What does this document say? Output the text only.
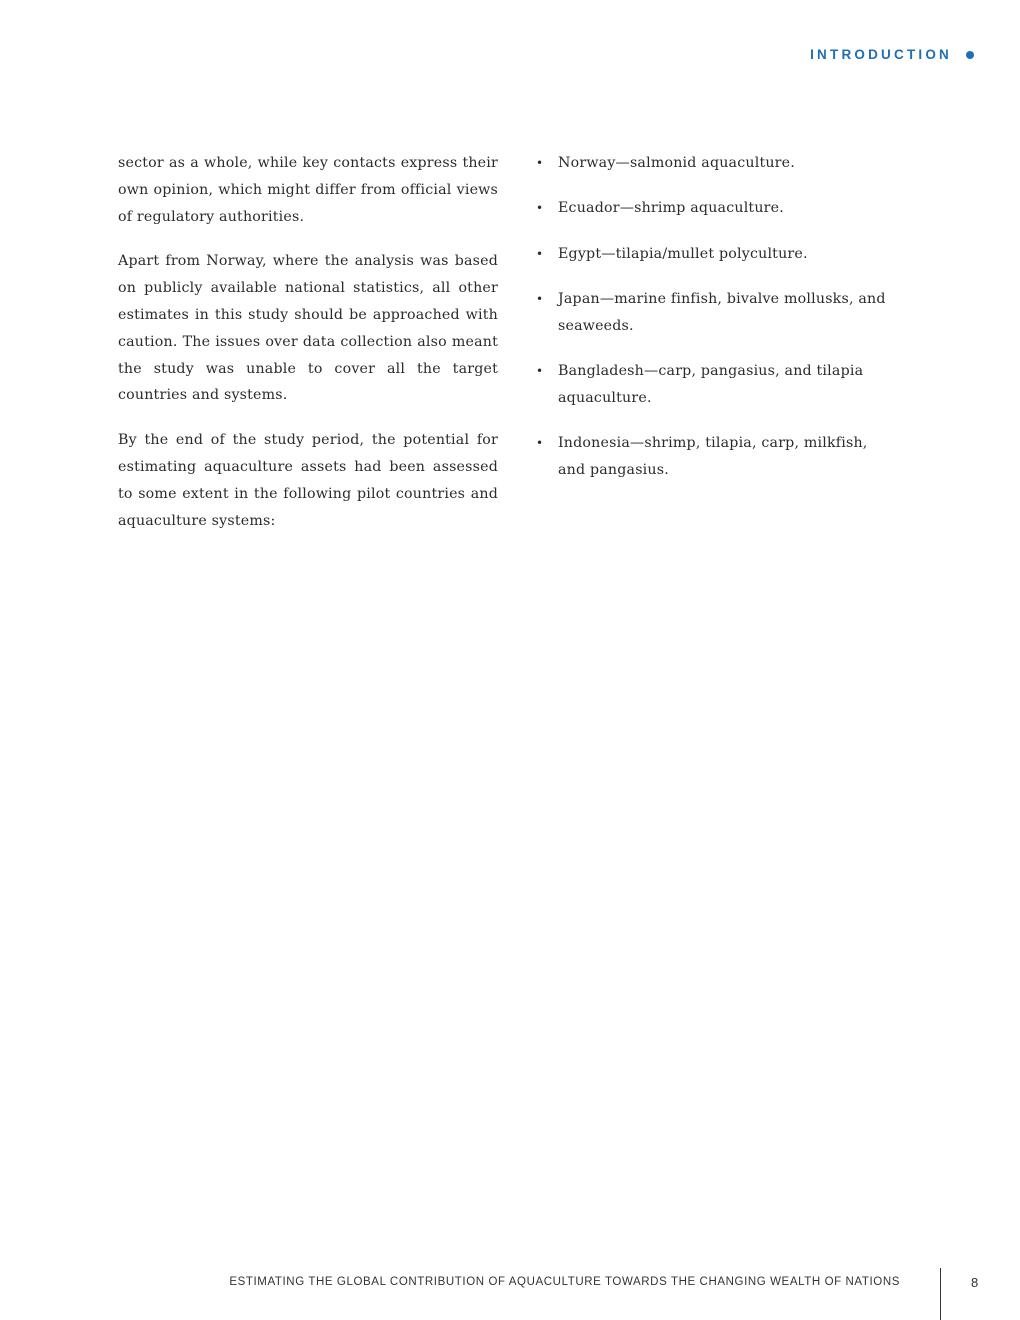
INTRODUCTION

sector as a whole, while key contacts express their own opinion, which might differ from official views of regulatory authorities.

Apart from Norway, where the analysis was based on publicly available national statistics, all other estimates in this study should be approached with caution. The issues over data collection also meant the study was unable to cover all the target countries and systems.

By the end of the study period, the potential for estimating aquaculture assets had been assessed to some extent in the following pilot countries and aquaculture systems:

• Norway—salmonid aquaculture.
• Ecuador—shrimp aquaculture.
• Egypt—tilapia/mullet polyculture.
• Japan—marine finfish, bivalve mollusks, and seaweeds.
• Bangladesh—carp, pangasius, and tilapia aquaculture.
• Indonesia—shrimp, tilapia, carp, milkfish, and pangasius.
ESTIMATING THE GLOBAL CONTRIBUTION OF AQUACULTURE TOWARDS THE CHANGING WEALTH OF NATIONS	8
